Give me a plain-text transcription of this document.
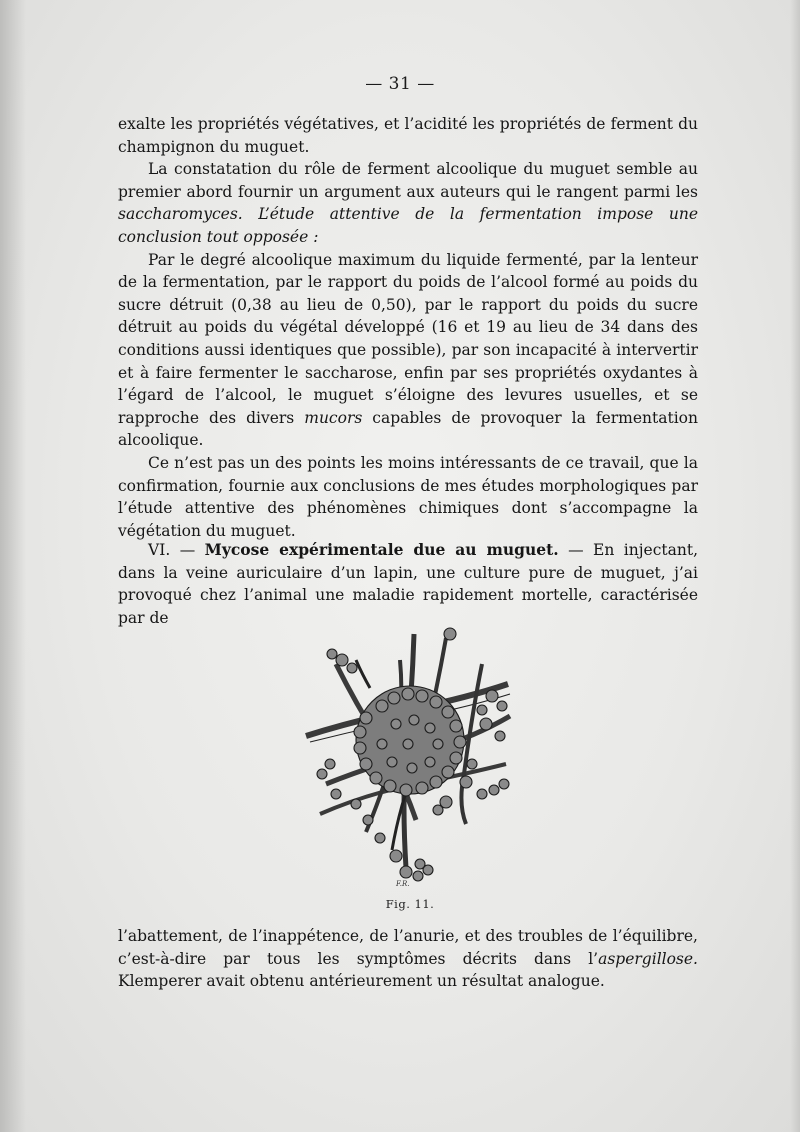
— 31 —

exalte les propriétés végétatives, et l’acidité les propriétés de ferment du champignon du muguet.

La constatation du rôle de ferment alcoolique du muguet semble au premier abord fournir un argument aux auteurs qui le rangent parmi les saccharomyces. L’étude attentive de la fermentation impose une conclusion tout opposée :

Par le degré alcoolique maximum du liquide fermenté, par la lenteur de la fermentation, par le rapport du poids de l’alcool formé au poids du sucre détruit (0,38 au lieu de 0,50), par le rapport du poids du sucre détruit au poids du végétal développé (16 et 19 au lieu de 34 dans des conditions aussi identiques que possible), par son incapacité à intervertir et à faire fermenter le saccharose, enfin par ses propriétés oxydantes à l’égard de l’alcool, le muguet s’éloigne des levures usuelles, et se rapproche des divers mucors capables de provoquer la fermentation alcoolique.

Ce n’est pas un des points les moins intéressants de ce travail, que la confirmation, fournie aux conclusions de mes études morphologiques par l’étude attentive des phénomènes chimiques dont s’accompagne la végétation du muguet.

VI. — Mycose expérimentale due au muguet. — En injectant, dans la veine auriculaire d’un lapin, une culture pure de muguet, j’ai provoqué chez l’animal une maladie rapidement mortelle, caractérisée par de

F.R.
Fig. 11.

l’abattement, de l’inappétence, de l’anurie, et des troubles de l’équilibre, c’est-à-dire par tous les symptômes décrits dans l’aspergillose. Klemperer avait obtenu antérieurement un résultat analogue.
